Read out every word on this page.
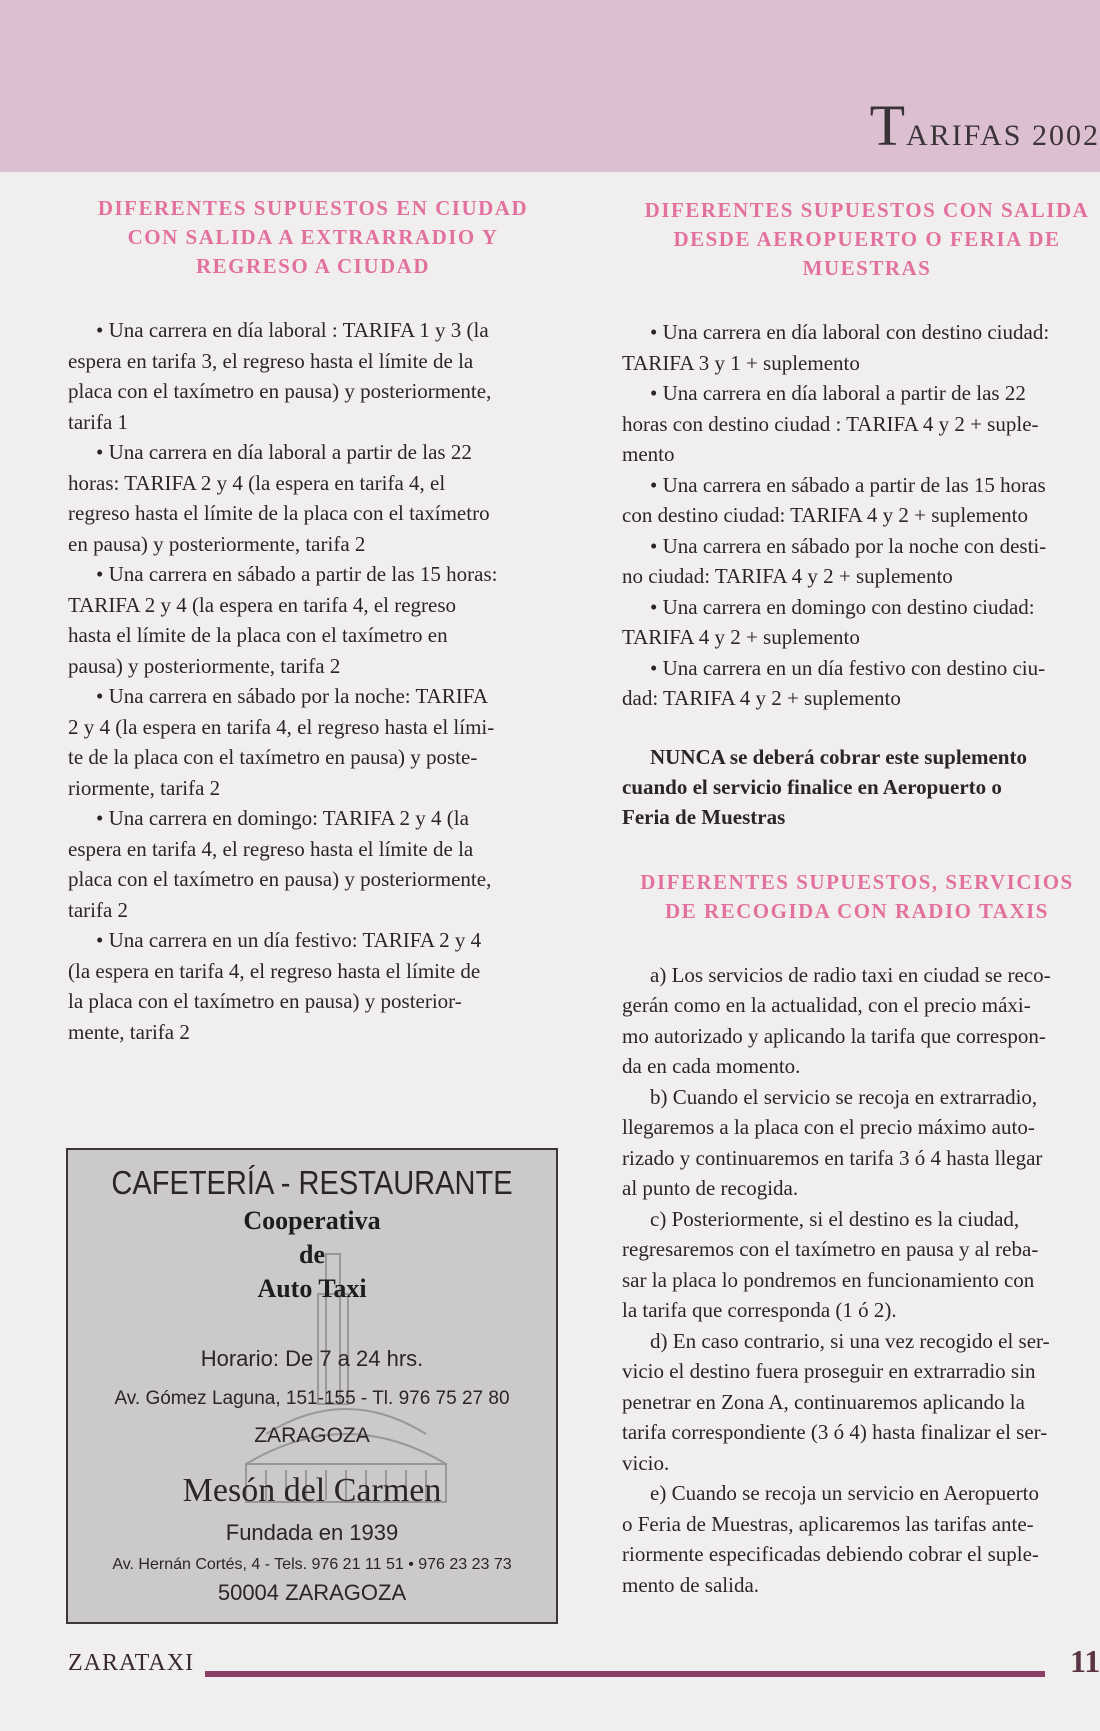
TARIFAS 2002
DIFERENTES SUPUESTOS EN CIUDAD
CON SALIDA A EXTRARRADIO Y
REGRESO A CIUDAD
• Una carrera en día laboral : TARIFA 1 y 3 (la
espera en tarifa 3, el regreso hasta el límite de la
placa con el taxímetro en pausa) y posteriormente,
tarifa 1
• Una carrera en día laboral a partir de las 22
horas: TARIFA 2 y 4 (la espera en tarifa 4, el
regreso hasta el límite de la placa con el taxímetro
en pausa) y posteriormente, tarifa 2
• Una carrera en sábado a partir de las 15 horas:
TARIFA 2 y 4 (la espera en tarifa 4, el regreso
hasta el límite de la placa con el taxímetro en
pausa) y posteriormente, tarifa 2
• Una carrera en sábado por la noche: TARIFA
2 y 4 (la espera en tarifa 4, el regreso hasta el lími-
te de la placa con el taxímetro en pausa) y poste-
riormente, tarifa 2
• Una carrera en domingo: TARIFA 2 y 4 (la
espera en tarifa 4, el regreso hasta el límite de la
placa con el taxímetro en pausa) y posteriormente,
tarifa 2
• Una carrera en un día festivo: TARIFA 2 y 4
(la espera en tarifa 4, el regreso hasta el límite de
la placa con el taxímetro en pausa) y posterior-
mente, tarifa 2
DIFERENTES SUPUESTOS CON SALIDA
DESDE AEROPUERTO O FERIA DE
MUESTRAS
• Una carrera en día laboral con destino ciudad:
TARIFA 3 y 1 + suplemento
• Una carrera en día laboral a partir de las 22
horas con destino ciudad : TARIFA 4 y 2 + suple-
mento
• Una carrera en sábado a partir de las 15 horas
con destino ciudad: TARIFA 4 y 2 + suplemento
• Una carrera en sábado por la noche con desti-
no ciudad: TARIFA 4 y 2 + suplemento
• Una carrera en domingo con destino ciudad:
TARIFA 4 y 2 + suplemento
• Una carrera en un día festivo con destino ciu-
dad: TARIFA 4 y 2 + suplemento
NUNCA se deberá cobrar este suplemento
cuando el servicio finalice en Aeropuerto o
Feria de Muestras
DIFERENTES SUPUESTOS, SERVICIOS
DE RECOGIDA CON RADIO TAXIS
a) Los servicios de radio taxi en ciudad se reco-
gerán como en la actualidad, con el precio máxi-
mo autorizado y aplicando la tarifa que correspon-
da en cada momento.
b) Cuando el servicio se recoja en extrarradio,
llegaremos a la placa con el precio máximo auto-
rizado y continuaremos en tarifa 3 ó 4 hasta llegar
al punto de recogida.
c) Posteriormente, si el destino es la ciudad,
regresaremos con el taxímetro en pausa y al reba-
sar la placa lo pondremos en funcionamiento con
la tarifa que corresponda (1 ó 2).
d) En caso contrario, si una vez recogido el ser-
vicio el destino fuera proseguir en extrarradio sin
penetrar en Zona A, continuaremos aplicando la
tarifa correspondiente (3 ó 4) hasta finalizar el ser-
vicio.
e) Cuando se recoja un servicio en Aeropuerto
o Feria de Muestras, aplicaremos las tarifas ante-
riormente especificadas debiendo cobrar el suple-
mento de salida.
CAFETERÍA - RESTAURANTE
Cooperativa
de
Auto Taxi
Horario: De 7 a 24 hrs.
Av. Gómez Laguna, 151-155 - Tl. 976 75 27 80
ZARAGOZA
Mesón del Carmen
Fundada en 1939
Av. Hernán Cortés, 4 - Tels. 976 21 11 51 • 976 23 23 73
50004 ZARAGOZA
ZARATAXI	11
